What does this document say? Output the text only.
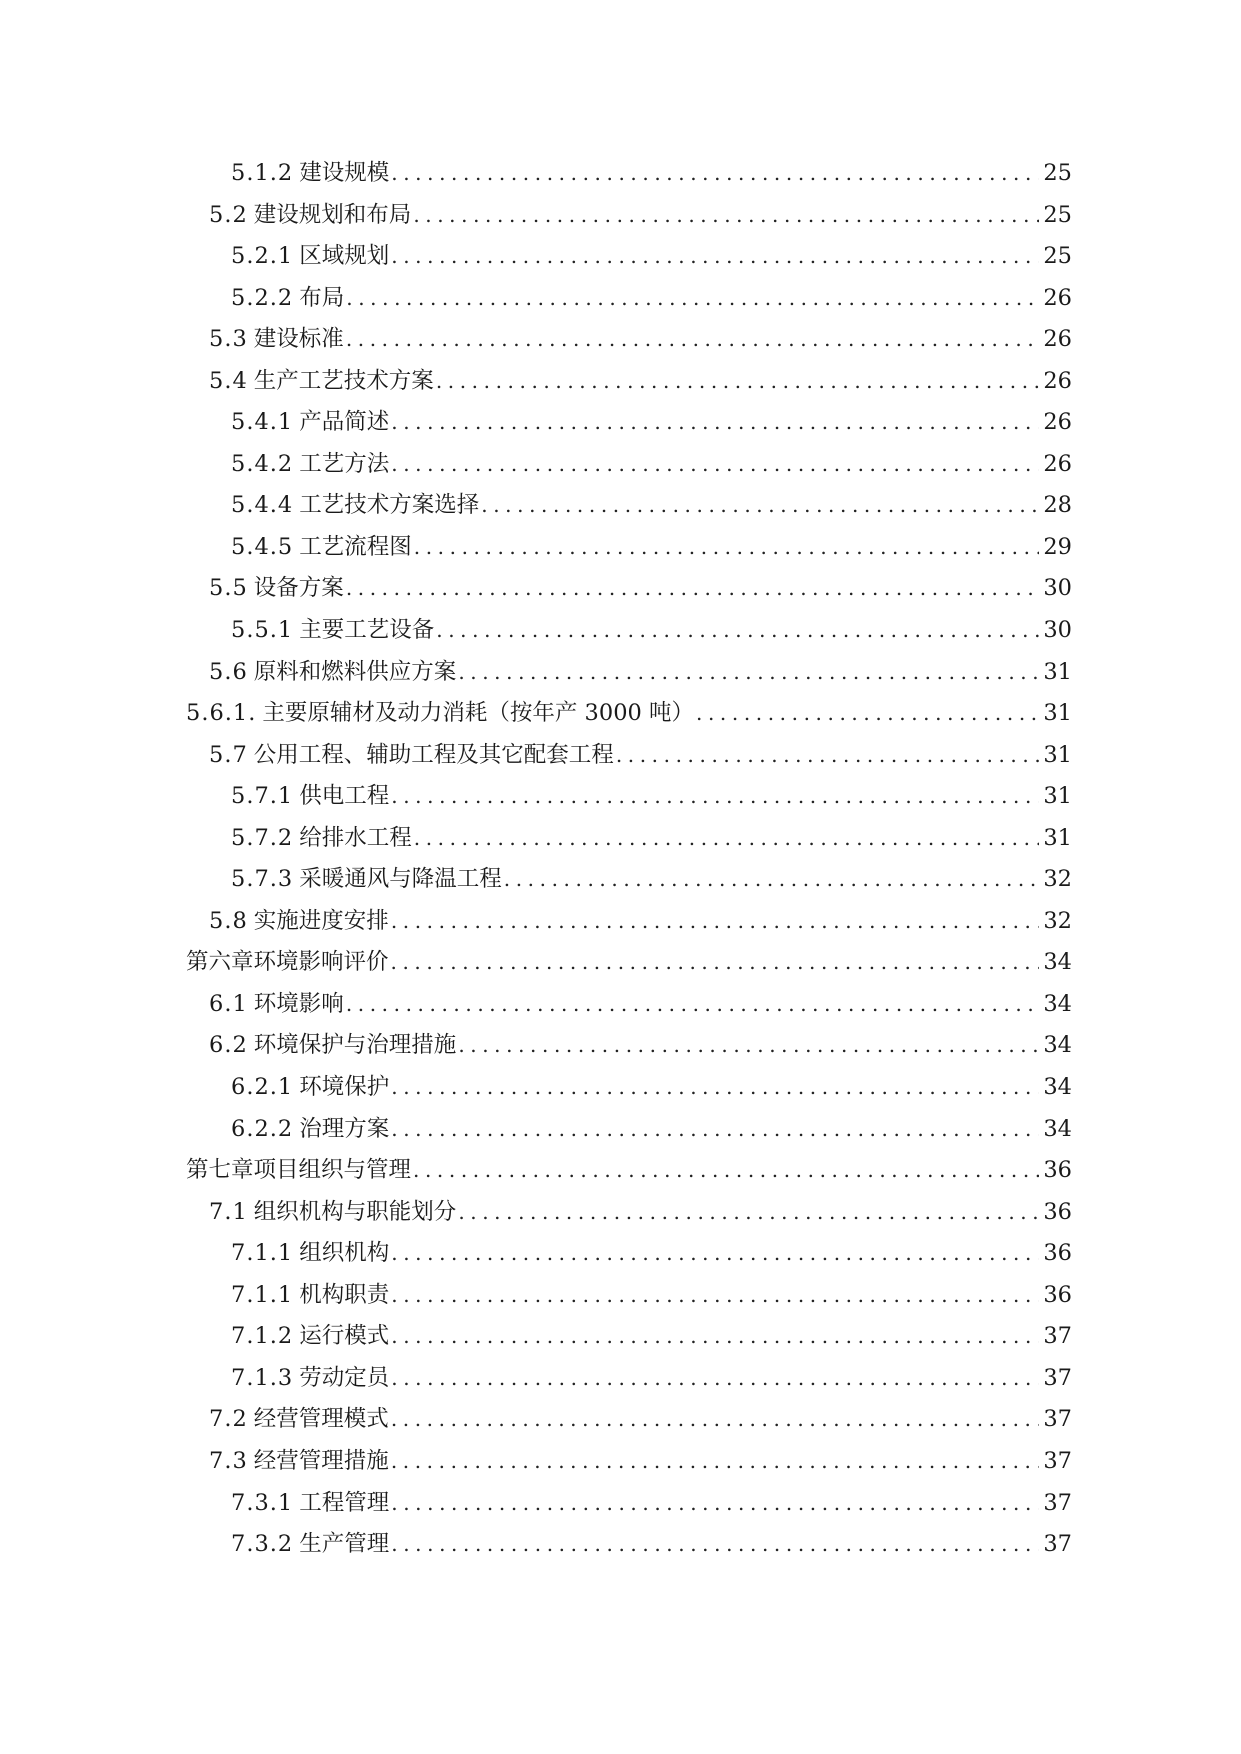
5.1.2 建设规模 .....	25
5.2 建设规划和布局 .....	25
5.2.1 区域规划 .....	25
5.2.2 布局 .....	26
5.3 建设标准 .....	26
5.4 生产工艺技术方案 .....	26
5.4.1 产品简述 .....	26
5.4.2 工艺方法 .....	26
5.4.4 工艺技术方案选择 .....	28
5.4.5 工艺流程图 .....	29
5.5 设备方案 .....	30
5.5.1 主要工艺设备 .....	30
5.6 原料和燃料供应方案 .....	31
5.6.1. 主要原辅材及动力消耗（按年产 3000 吨） .....	31
5.7 公用工程、辅助工程及其它配套工程 .....	31
5.7.1 供电工程 .....	31
5.7.2 给排水工程 .....	31
5.7.3 采暖通风与降温工程 .....	32
5.8 实施进度安排 .....	32
第六章环境影响评价 .....	34
6.1 环境影响 .....	34
6.2 环境保护与治理措施 .....	34
6.2.1 环境保护 .....	34
6.2.2 治理方案 .....	34
第七章项目组织与管理 .....	36
7.1 组织机构与职能划分 .....	36
7.1.1 组织机构 .....	36
7.1.1 机构职责 .....	36
7.1.2 运行模式 .....	37
7.1.3 劳动定员 .....	37
7.2 经营管理模式 .....	37
7.3 经营管理措施 .....	37
7.3.1 工程管理 .....	37
7.3.2 生产管理 .....	37
